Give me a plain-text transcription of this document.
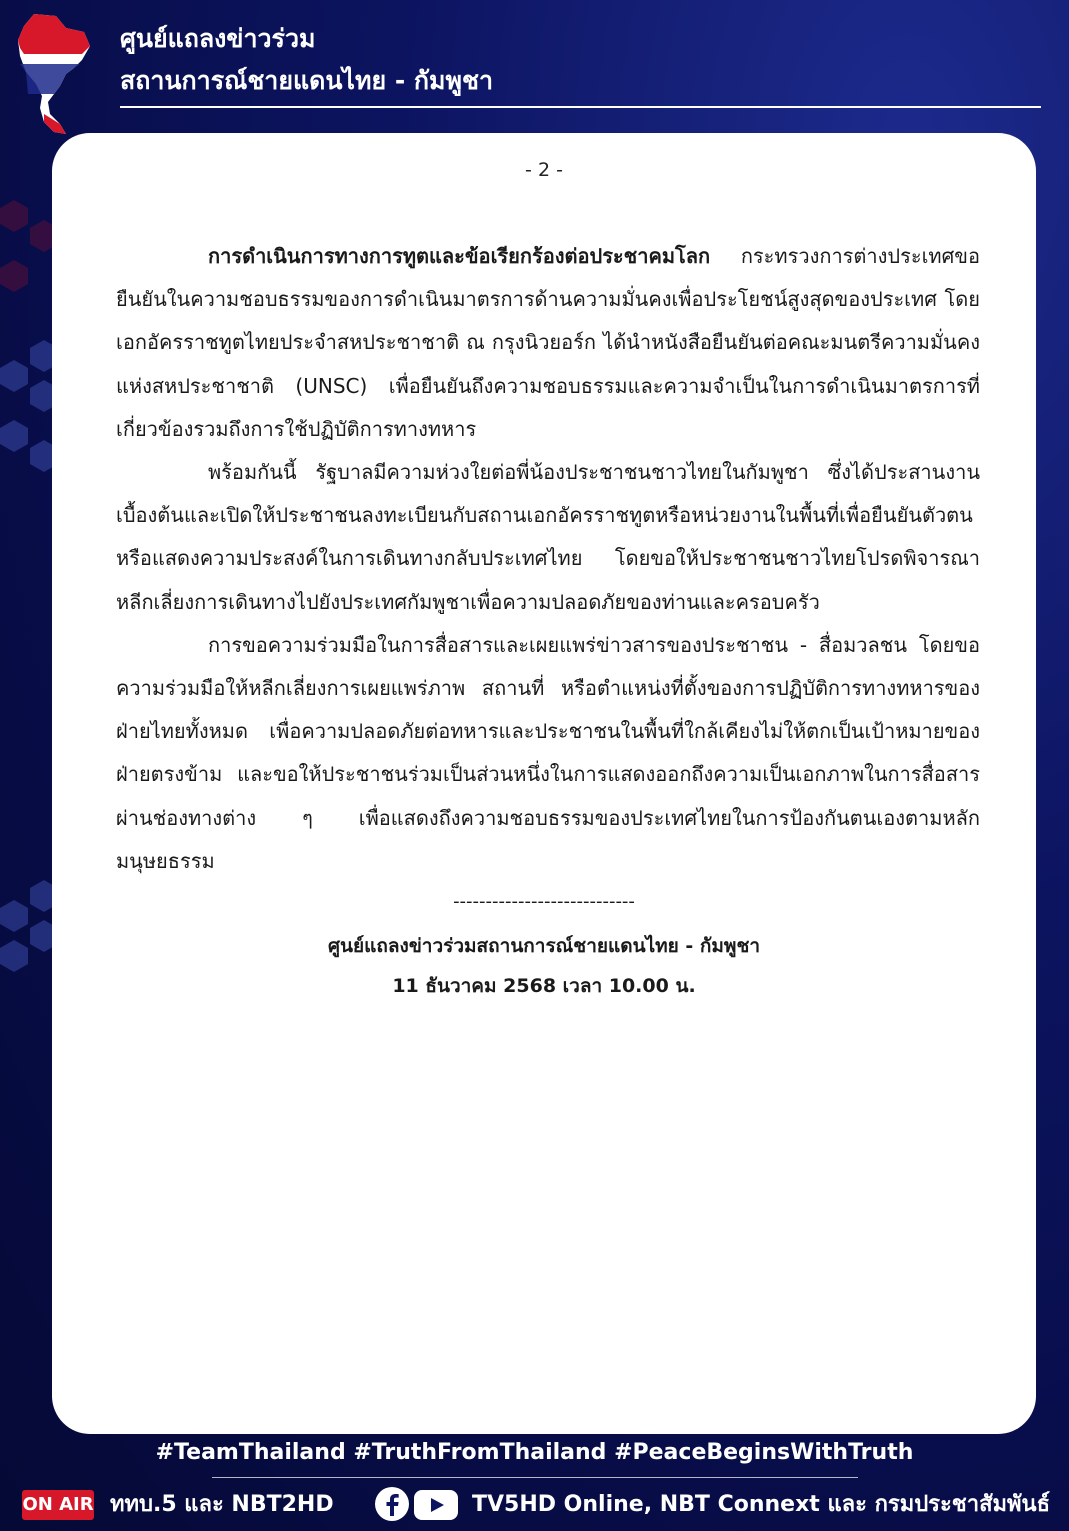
ศูนย์แถลงข่าวร่วม
สถานการณ์ชายแดนไทย - กัมพูชา
- 2 -

การดำเนินการทางการทูตและข้อเรียกร้องต่อประชาคมโลก กระทรวงการต่างประเทศขอยืนยันในความชอบธรรมของการดำเนินมาตรการด้านความมั่นคงเพื่อประโยชน์สูงสุดของประเทศ โดยเอกอัครราชทูตไทยประจำสหประชาชาติ ณ กรุงนิวยอร์ก ได้นำหนังสือยืนยันต่อคณะมนตรีความมั่นคงแห่งสหประชาชาติ (UNSC) เพื่อยืนยันถึงความชอบธรรมและความจำเป็นในการดำเนินมาตรการที่เกี่ยวข้องรวมถึงการใช้ปฏิบัติการทางทหาร

พร้อมกันนี้ รัฐบาลมีความห่วงใยต่อพี่น้องประชาชนชาวไทยในกัมพูชา ซึ่งได้ประสานงานเบื้องต้นและเปิดให้ประชาชนลงทะเบียนกับสถานเอกอัครราชทูตหรือหน่วยงานในพื้นที่เพื่อยืนยันตัวตนหรือแสดงความประสงค์ในการเดินทางกลับประเทศไทย โดยขอให้ประชาชนชาวไทยโปรดพิจารณาหลีกเลี่ยงการเดินทางไปยังประเทศกัมพูชาเพื่อความปลอดภัยของท่านและครอบครัว

การขอความร่วมมือในการสื่อสารและเผยแพร่ข่าวสารของประชาชน - สื่อมวลชน โดยขอความร่วมมือให้หลีกเลี่ยงการเผยแพร่ภาพ สถานที่ หรือตำแหน่งที่ตั้งของการปฏิบัติการทางทหารของฝ่ายไทยทั้งหมด เพื่อความปลอดภัยต่อทหารและประชาชนในพื้นที่ใกล้เคียงไม่ให้ตกเป็นเป้าหมายของฝ่ายตรงข้าม และขอให้ประชาชนร่วมเป็นส่วนหนึ่งในการแสดงออกถึงความเป็นเอกภาพในการสื่อสารผ่านช่องทางต่าง ๆ เพื่อแสดงถึงความชอบธรรมของประเทศไทยในการป้องกันตนเองตามหลักมนุษยธรรม

----------------------------
ศูนย์แถลงข่าวร่วมสถานการณ์ชายแดนไทย - กัมพูชา
11 ธันวาคม 2568 เวลา 10.00 น.
#TeamThailand #TruthFromThailand #PeaceBeginsWithTruth
ON AIR ททบ.5 และ NBT2HD	TV5HD Online, NBT Connext และ กรมประชาสัมพันธ์
